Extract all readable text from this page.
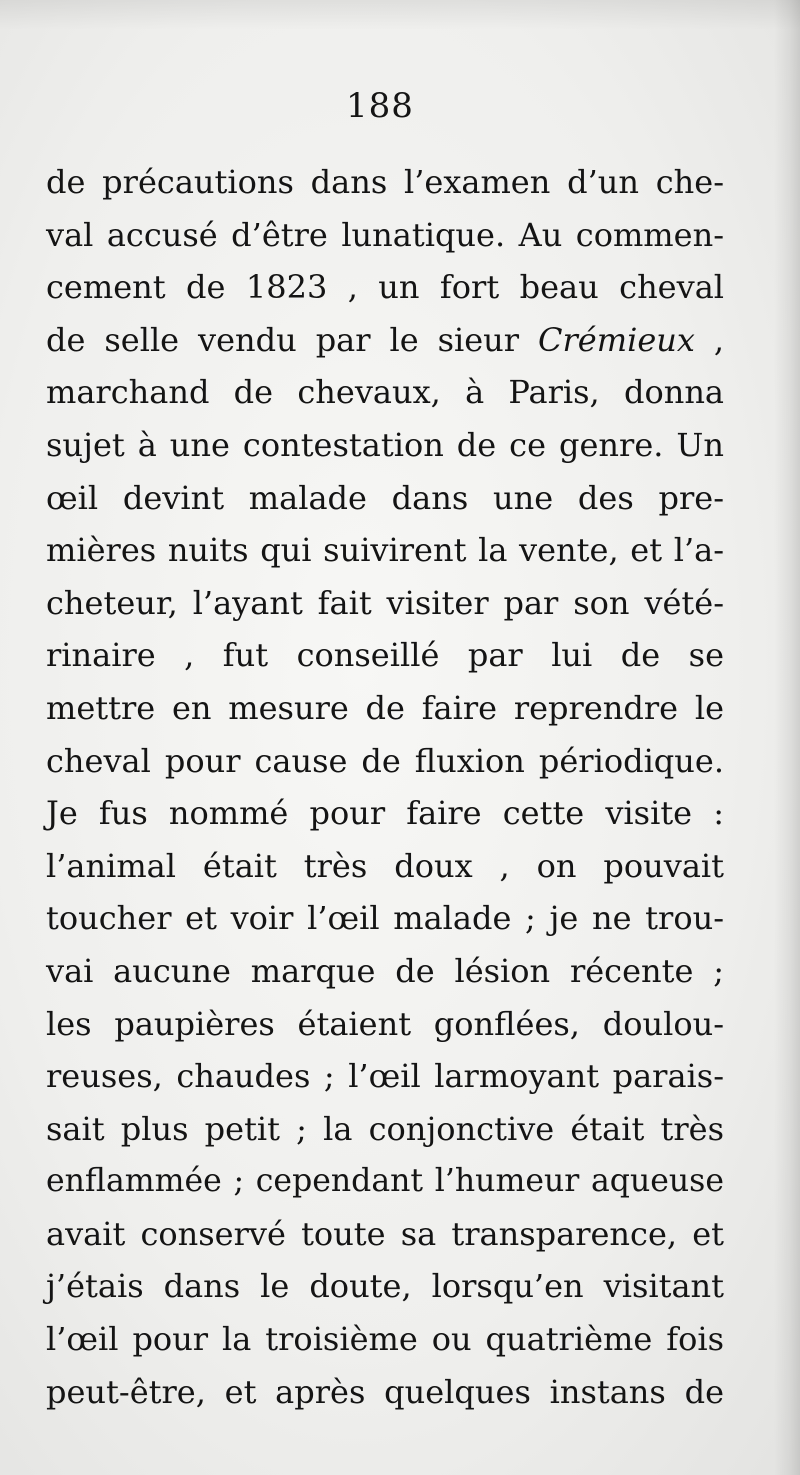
188
de précautions dans l’examen d’un che-
val accusé d’être lunatique. Au commen-
cement de 1823 , un fort beau cheval
de selle vendu par le sieur Crémieux ,
marchand de chevaux, à Paris, donna
sujet à une contestation de ce genre. Un
œil devint malade dans une des pre-
mières nuits qui suivirent la vente, et l’a-
cheteur, l’ayant fait visiter par son vété-
rinaire , fut conseillé par lui de se
mettre en mesure de faire reprendre le
cheval pour cause de fluxion périodique.
Je fus nommé pour faire cette visite :
l’animal était très doux , on pouvait
toucher et voir l’œil malade ; je ne trou-
vai aucune marque de lésion récente ;
les paupières étaient gonflées, doulou-
reuses, chaudes ; l’œil larmoyant parais-
sait plus petit ; la conjonctive était très
enflammée ; cependant l’humeur aqueuse
avait conservé toute sa transparence, et
j’étais dans le doute, lorsqu’en visitant
l’œil pour la troisième ou quatrième fois
peut-être, et après quelques instans de
